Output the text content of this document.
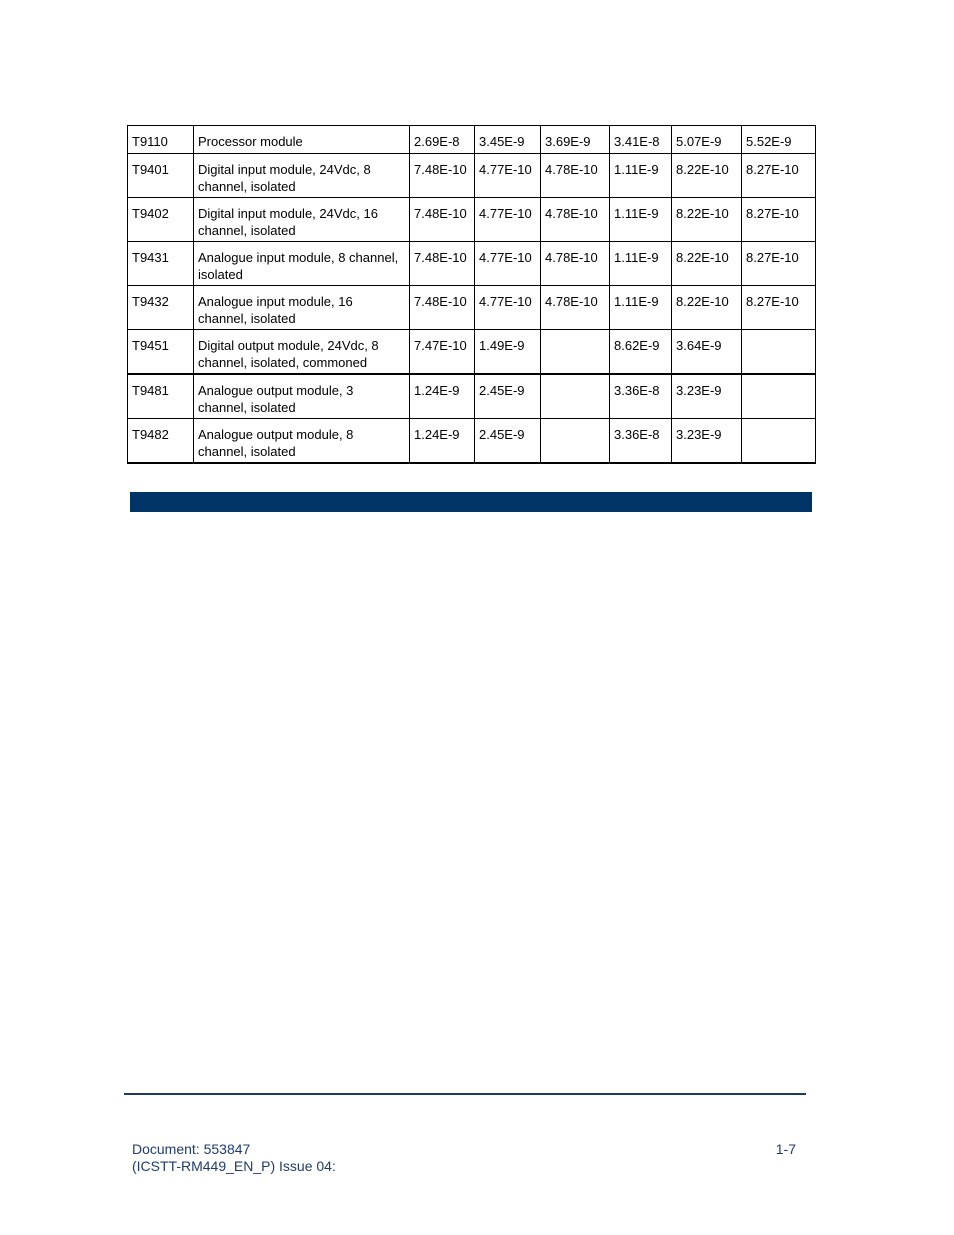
T9110	Processor module	2.69E-8	3.45E-9	3.69E-9	3.41E-8	5.07E-9	5.52E-9
T9401	Digital input module, 24Vdc, 8 channel, isolated	7.48E-10	4.77E-10	4.78E-10	1.11E-9	8.22E-10	8.27E-10
T9402	Digital input module, 24Vdc, 16 channel, isolated	7.48E-10	4.77E-10	4.78E-10	1.11E-9	8.22E-10	8.27E-10
T9431	Analogue input module, 8 channel, isolated	7.48E-10	4.77E-10	4.78E-10	1.11E-9	8.22E-10	8.27E-10
T9432	Analogue input module, 16 channel, isolated	7.48E-10	4.77E-10	4.78E-10	1.11E-9	8.22E-10	8.27E-10
T9451	Digital output module, 24Vdc, 8 channel, isolated, commoned	7.47E-10	1.49E-9		8.62E-9	3.64E-9	
T9481	Analogue output module, 3 channel, isolated	1.24E-9	2.45E-9		3.36E-8	3.23E-9	
T9482	Analogue output module, 8 channel, isolated	1.24E-9	2.45E-9		3.36E-8	3.23E-9	
Document: 553847
(ICSTT-RM449_EN_P) Issue 04:
1-7
